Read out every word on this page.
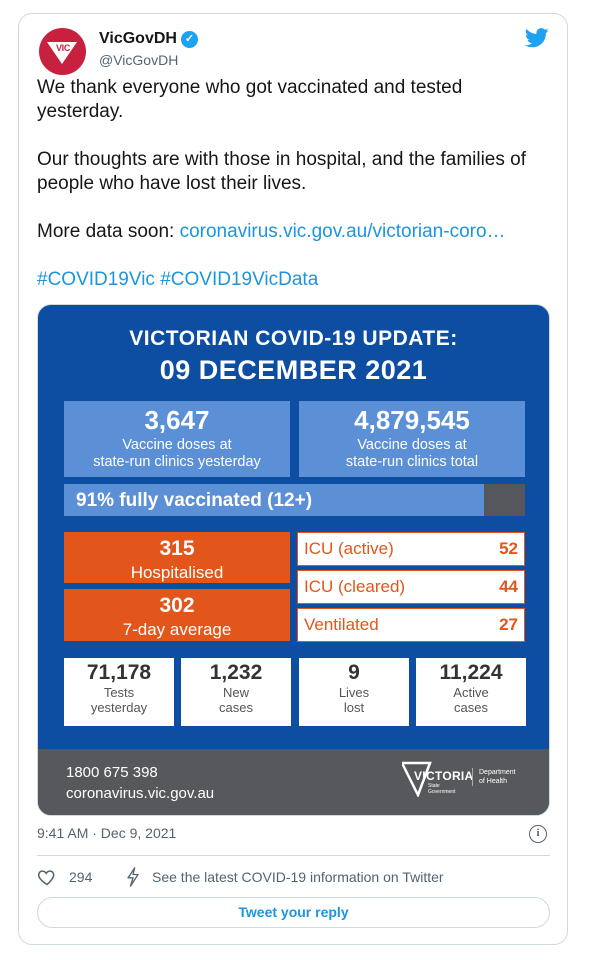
VIC
VicGovDH ✓
@VicGovDH

We thank everyone who got vaccinated and tested yesterday.

Our thoughts are with those in hospital, and the families of people who have lost their lives.

More data soon: coronavirus.vic.gov.au/victorian-coro…

#COVID19Vic #COVID19VicData

VICTORIAN COVID-19 UPDATE:
09 DECEMBER 2021
3,647
Vaccine doses at
state-run clinics yesterday
4,879,545
Vaccine doses at
state-run clinics total
91% fully vaccinated (12+)
315
Hospitalised
302
7-day average
ICU (active)	52
ICU (cleared)	44
Ventilated	27
71,178
Tests
yesterday
1,232
New
cases
9
Lives
lost
11,224
Active
cases
1800 675 398
coronavirus.vic.gov.au
VICTORIA
State
Government
Department
of Health
9:41 AM · Dec 9, 2021	i
294	See the latest COVID-19 information on Twitter
Tweet your reply
